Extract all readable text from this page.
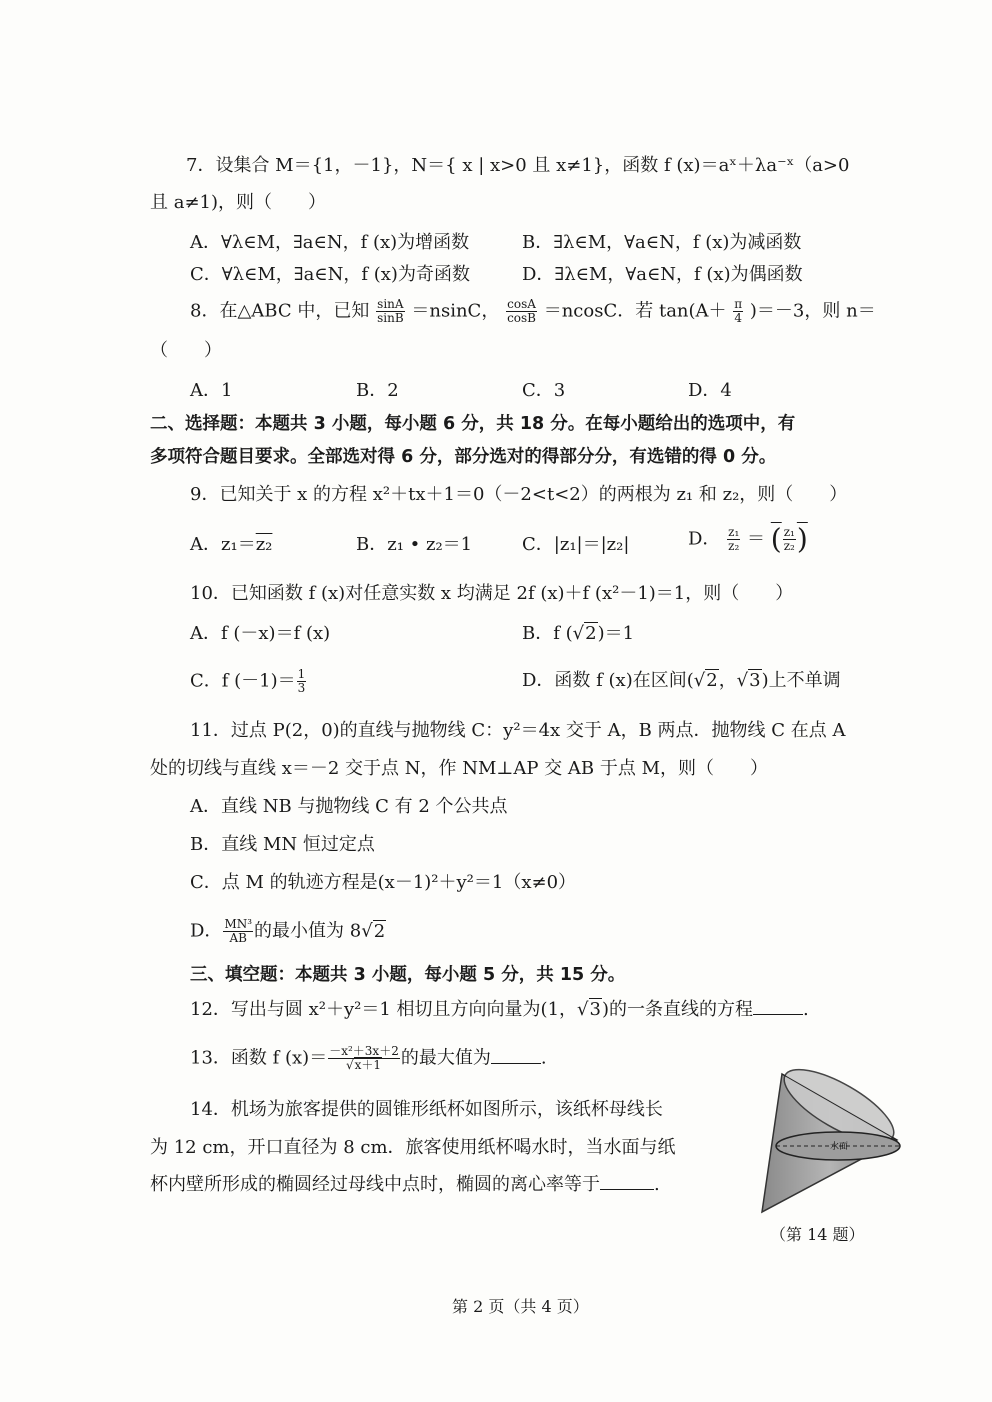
7．设集合 M＝{1，－1}，N＝{ x | x>0 且 x≠1}，函数 f (x)＝aˣ＋λa⁻ˣ（a>0
且 a≠1)，则（　　）
A．∀λ∈M，∃a∈N，f (x)为增函数	B．∃λ∈M，∀a∈N，f (x)为减函数
C．∀λ∈M，∃a∈N，f (x)为奇函数	D．∃λ∈M，∀a∈N，f (x)为偶函数
8．在△ABC 中，已知 $\frac{\sin A}{\sin B} =nsinC$， $\frac{\cos A}{\cos B} =ncosC$．若 $\tan(A+ \frac{\pi}{4} )=-3$，则 n＝
（　　）
A．1	B．2	C．3	D．4
二、选择题：本题共 3 小题，每小题 6 分，共 18 分。在每小题给出的选项中，有
多项符合题目要求。全部选对得 6 分，部分选对的得部分分，有选错的得 0 分。
9．已知关于 x 的方程 x²＋tx＋1＝0（－2<t<2）的两根为 z₁ 和 z₂，则（　　）
A．z₁＝z₂	B．z₁ • z₂＝1	C．|z₁|＝|z₂|	D． $\frac{\text{z₁}}{\text{z₂}}$ ＝ ( $\frac{\text{z₁}}{\text{z₂}}$ )
10．已知函数 f (x)对任意实数 x 均满足 2f (x)＋f (x²－1)＝1，则（　　）
A．f (－x)＝f (x)	B．f (√2)＝1
C．f $(-1)= \frac{1}{3}$	D．函数 f (x)在区间(√2，√3)上不单调
11．过点 P(2，0)的直线与抛物线 C：y²＝4x 交于 A，B 两点．抛物线 C 在点 A
处的切线与直线 x＝－2 交于点 N，作 NM⊥AP 交 AB 于点 M，则（　　）
A．直线 NB 与抛物线 C 有 2 个公共点
B．直线 MN 恒过定点
C．点 M 的轨迹方程是(x－1)²＋y²＝1（x≠0）
D． $\frac{\text{MN³}}{AB}$ 的最小值为 8√2
三、填空题：本题共 3 小题，每小题 5 分，共 15 分。
12．写出与圆 x²＋y²＝1 相切且方向向量为(1，√3)的一条直线的方程	.
13．函数 f $(x)= \frac{\text{－x²＋3x＋2}}{√x+1}$ 的最大值为	.
14．机场为旅客提供的圆锥形纸杯如图所示，该纸杯母线长
为 12 cm，开口直径为 8 cm．旅客使用纸杯喝水时，当水面与纸
杯内壁所形成的椭圆经过母线中点时，椭圆的离心率等于	.
水面
（第 14 题）
第 2 页（共 4 页）
